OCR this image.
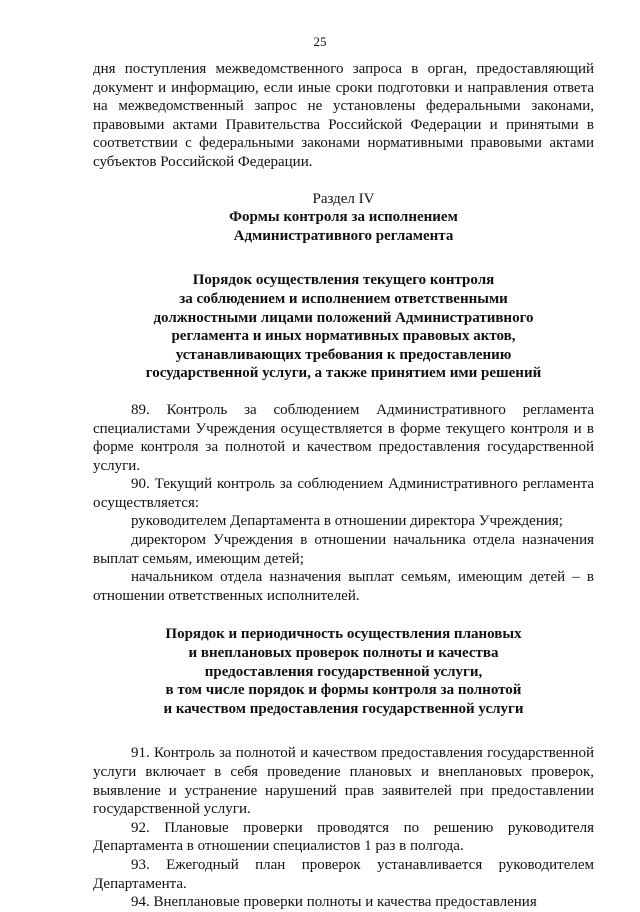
25

дня поступления межведомственного запроса в орган, предоставляющий документ и информацию, если иные сроки подготовки и направления ответа на межведомственный запрос не установлены федеральными законами, правовыми актами Правительства Российской Федерации и принятыми в соответствии с федеральными законами нормативными правовыми актами субъектов Российской Федерации.

Раздел IV
Формы контроля за исполнением
Административного регламента
Порядок осуществления текущего контроля
за соблюдением и исполнением ответственными
должностными лицами положений Административного
регламента и иных нормативных правовых актов,
устанавливающих требования к предоставлению
государственной услуги, а также принятием ими решений

89. Контроль за соблюдением Административного регламента специалистами Учреждения осуществляется в форме текущего контроля и в форме контроля за полнотой и качеством предоставления государственной услуги.

90. Текущий контроль за соблюдением Административного регламента осуществляется:

руководителем Департамента в отношении директора Учреждения;

директором Учреждения в отношении начальника отдела назначения выплат семьям, имеющим детей;

начальником отдела назначения выплат семьям, имеющим детей – в отношении ответственных исполнителей.

Порядок и периодичность осуществления плановых
и внеплановых проверок полноты и качества
предоставления государственной услуги,
в том числе порядок и формы контроля за полнотой
и качеством предоставления государственной услуги

91. Контроль за полнотой и качеством предоставления государственной услуги включает в себя проведение плановых и внеплановых проверок, выявление и устранение нарушений прав заявителей при предоставлении государственной услуги.

92. Плановые проверки проводятся по решению руководителя Департамента в отношении специалистов 1 раз в полгода.

93. Ежегодный план проверок устанавливается руководителем Департамента.

94. Внеплановые проверки полноты и качества предоставления
